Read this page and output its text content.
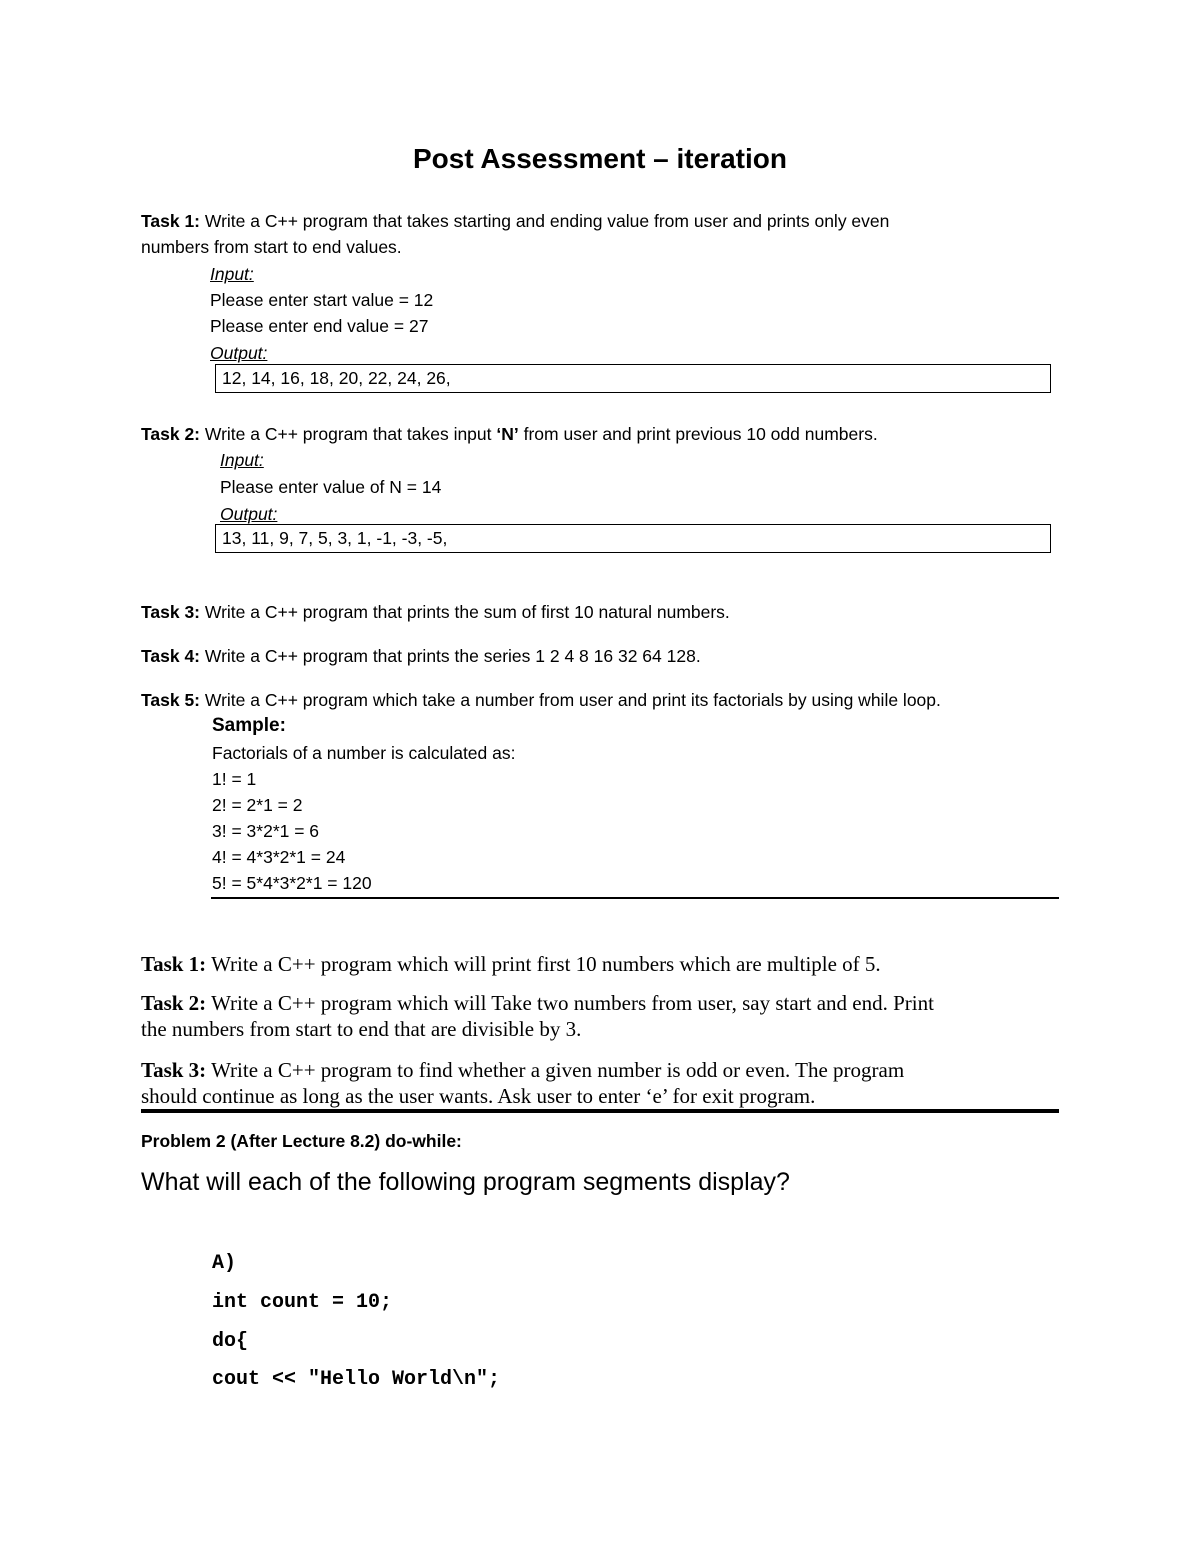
Post Assessment – iteration
Task 1: Write a C++ program that takes starting and ending value from user and prints only even
numbers from start to end values.
Input:
Please enter start value = 12
Please enter end value = 27
Output:
12, 14, 16, 18, 20, 22, 24, 26,
Task 2: Write a C++ program that takes input ‘N’ from user and print previous 10 odd numbers.
Input:
Please enter value of N = 14
Output:
13, 11, 9, 7, 5, 3, 1, -1, -3, -5,
Task 3: Write a C++ program that prints the sum of first 10 natural numbers.
Task 4: Write a C++ program that prints the series 1 2 4 8 16 32 64 128.
Task 5: Write a C++ program which take a number from user and print its factorials by using while loop.
Sample:
Factorials of a number is calculated as:
1! = 1
2! = 2*1 = 2
3! = 3*2*1 = 6
4! = 4*3*2*1 = 24
5! = 5*4*3*2*1 = 120
Task 1: Write a C++ program which will print first 10 numbers which are multiple of 5.
Task 2: Write a C++ program which will Take two numbers from user, say start and end. Print
the numbers from start to end that are divisible by 3.
Task 3: Write a C++ program to find whether a given number is odd or even. The program
should continue as long as the user wants. Ask user to enter ‘e’ for exit program.
Problem 2 (After Lecture 8.2) do-while:
What will each of the following program segments display?
A)
int count = 10;
do{
cout << "Hello World\n";
